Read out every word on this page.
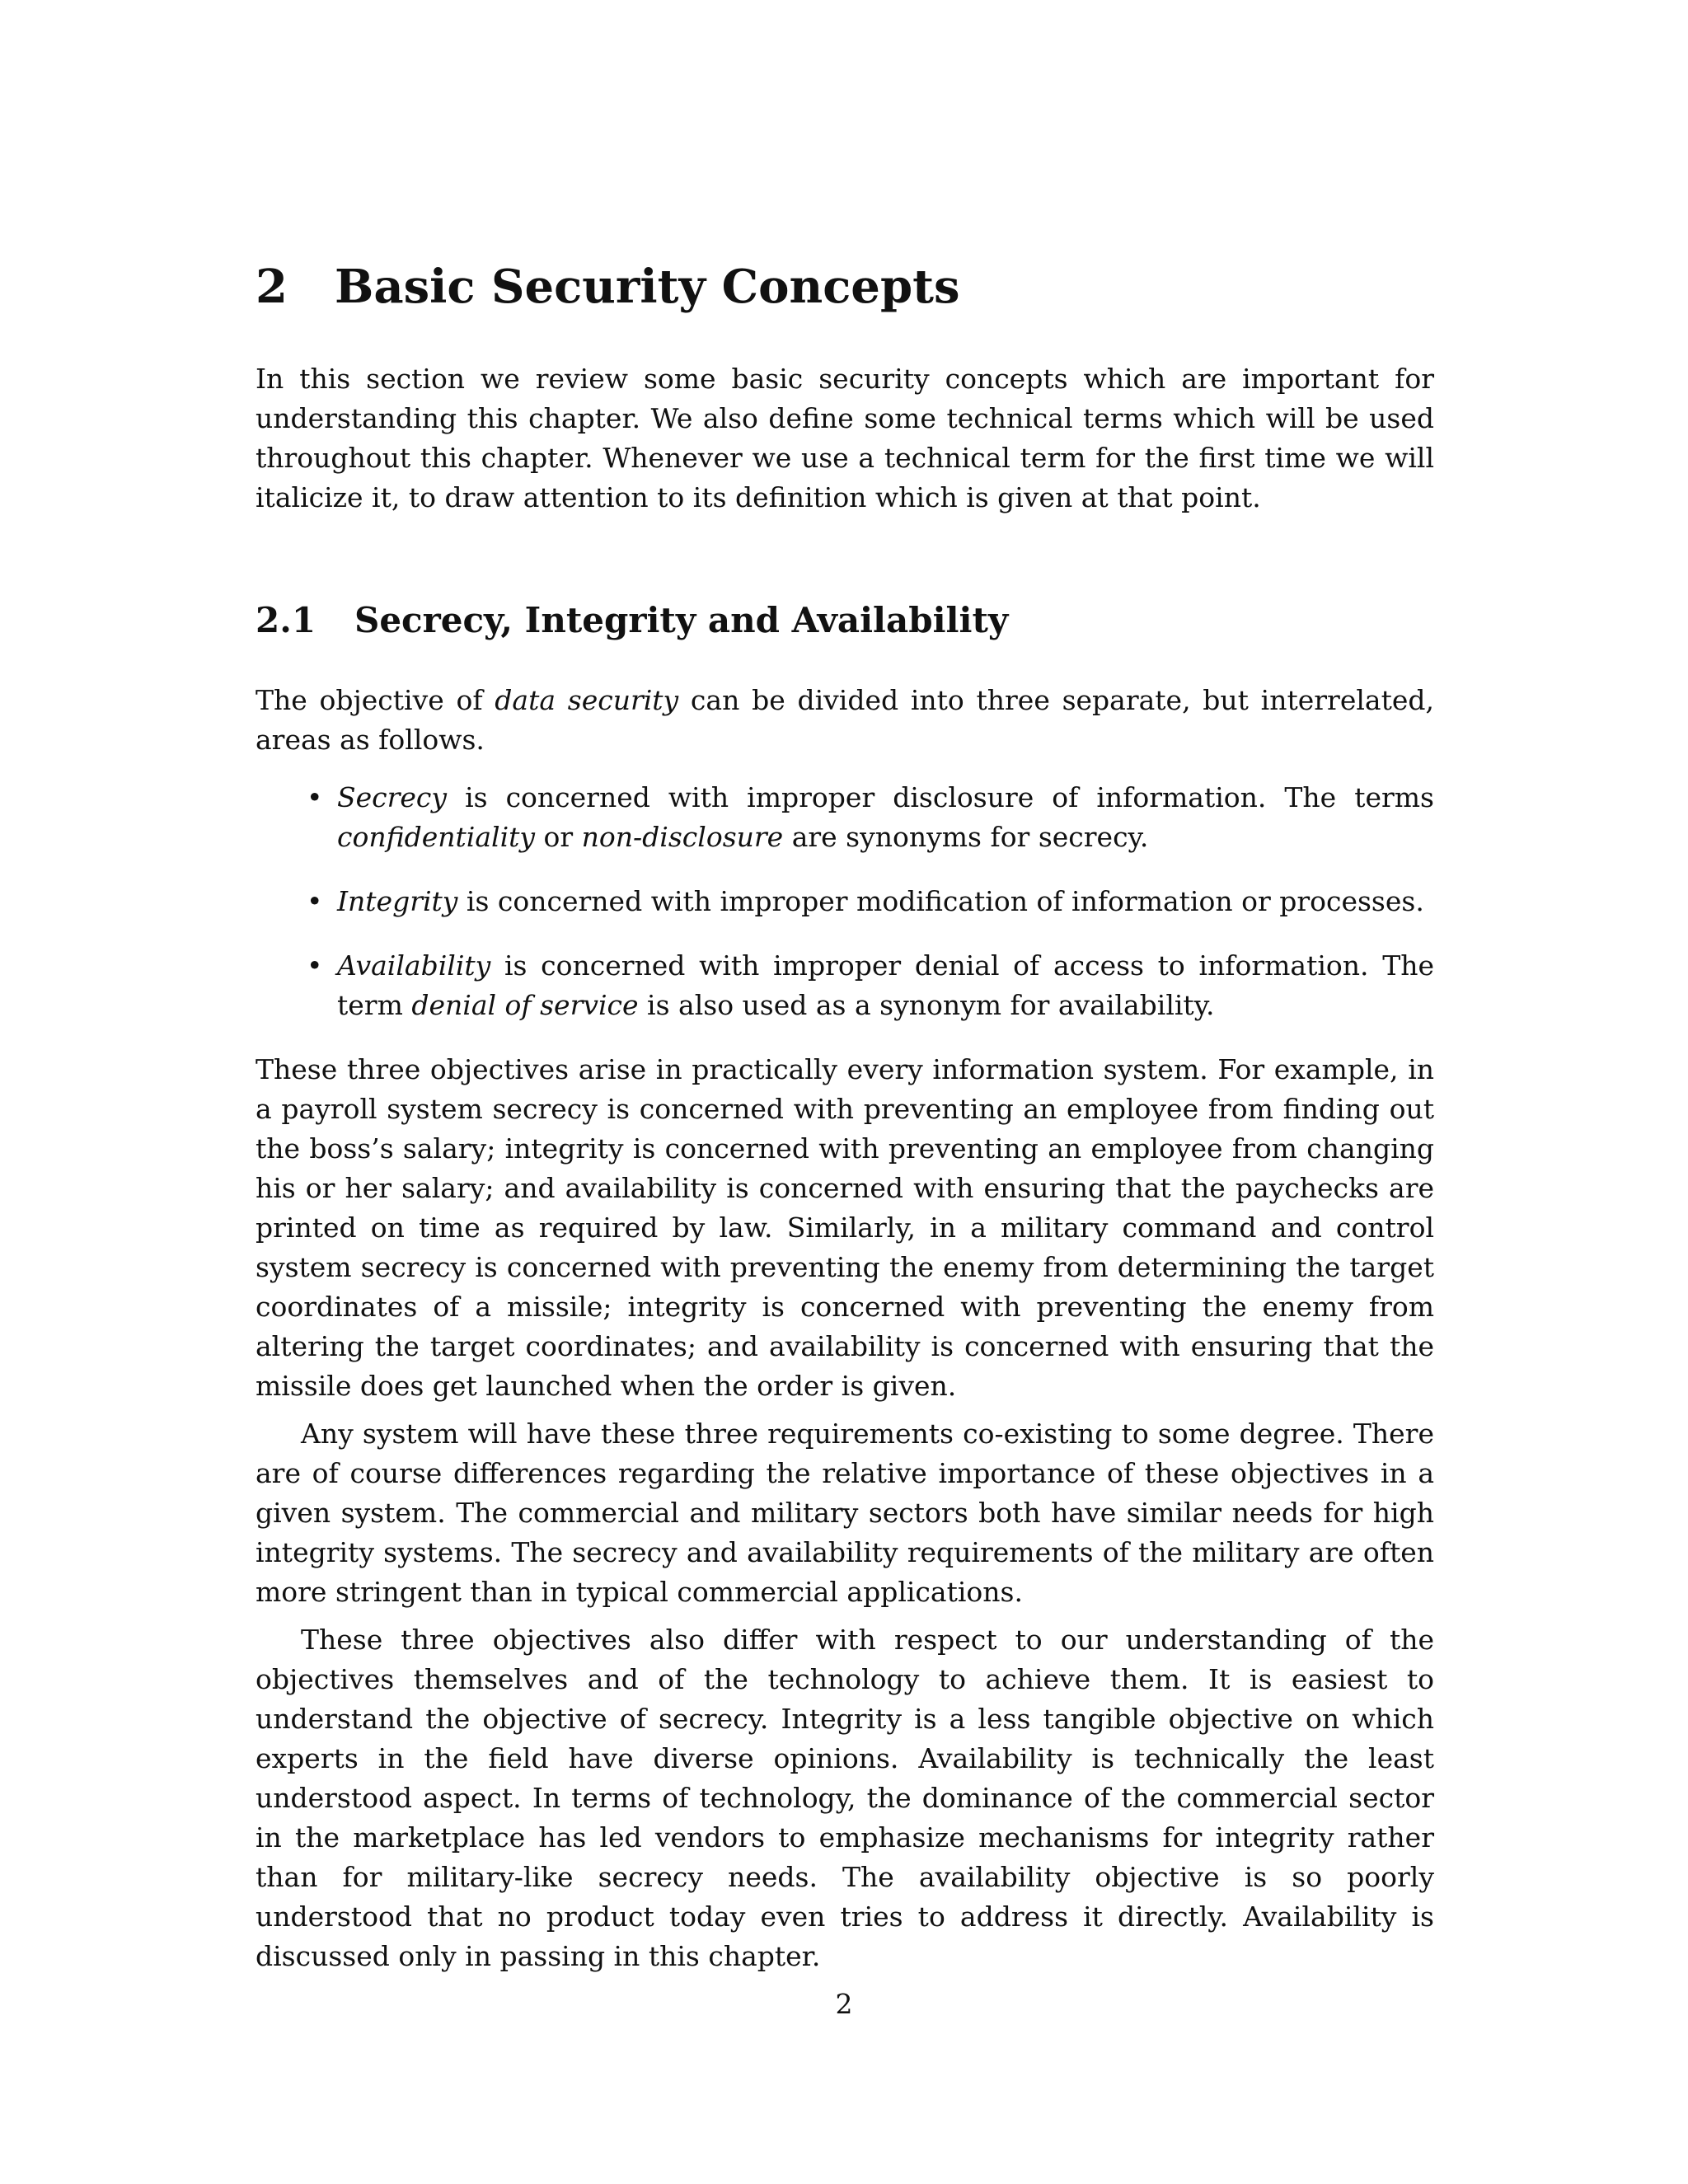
2 Basic Security Concepts

In this section we review some basic security concepts which are important for understanding this chapter. We also define some technical terms which will be used throughout this chapter. Whenever we use a technical term for the first time we will italicize it, to draw attention to its definition which is given at that point.

2.1 Secrecy, Integrity and Availability

The objective of data security can be divided into three separate, but interrelated, areas as follows.

• Secrecy is concerned with improper disclosure of information. The terms confidentiality or non-disclosure are synonyms for secrecy.
• Integrity is concerned with improper modification of information or processes.
• Availability is concerned with improper denial of access to information. The term denial of service is also used as a synonym for availability.

These three objectives arise in practically every information system. For example, in a payroll system secrecy is concerned with preventing an employee from finding out the boss’s salary; integrity is concerned with preventing an employee from changing his or her salary; and availability is concerned with ensuring that the paychecks are printed on time as required by law. Similarly, in a military command and control system secrecy is concerned with preventing the enemy from determining the target coordinates of a missile; integrity is concerned with preventing the enemy from altering the target coordinates; and availability is concerned with ensuring that the missile does get launched when the order is given.

Any system will have these three requirements co-existing to some degree. There are of course differences regarding the relative importance of these objectives in a given system. The commercial and military sectors both have similar needs for high integrity systems. The secrecy and availability requirements of the military are often more stringent than in typical commercial applications.

These three objectives also differ with respect to our understanding of the objectives themselves and of the technology to achieve them. It is easiest to understand the objective of secrecy. Integrity is a less tangible objective on which experts in the field have diverse opinions. Availability is technically the least understood aspect. In terms of technology, the dominance of the commercial sector in the marketplace has led vendors to emphasize mechanisms for integrity rather than for military-like secrecy needs. The availability objective is so poorly understood that no product today even tries to address it directly. Availability is discussed only in passing in this chapter.

2
